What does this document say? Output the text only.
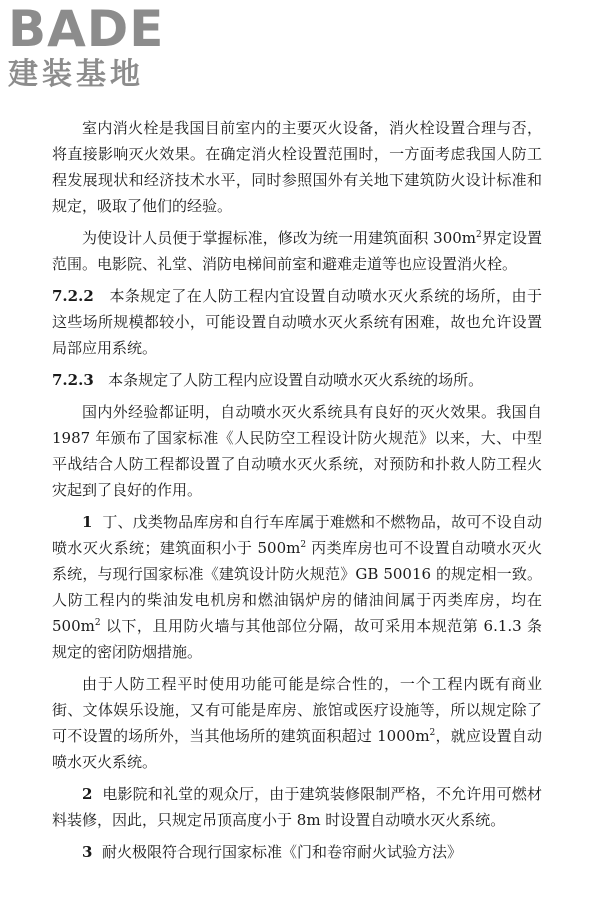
BADE
建装基地

室内消火栓是我国目前室内的主要灭火设备，消火栓设置合理与否，将直接影响灭火效果。在确定消火栓设置范围时，一方面考虑我国人防工程发展现状和经济技术水平，同时参照国外有关地下建筑防火设计标准和规定，吸取了他们的经验。

为使设计人员便于掌握标准，修改为统一用建筑面积 $300m^2$界定设置范围。电影院、礼堂、消防电梯间前室和避难走道等也应设置消火栓。

7.2.2 本条规定了在人防工程内宜设置自动喷水灭火系统的场所，由于这些场所规模都较小，可能设置自动喷水灭火系统有困难，故也允许设置局部应用系统。

7.2.3 本条规定了人防工程内应设置自动喷水灭火系统的场所。

国内外经验都证明，自动喷水灭火系统具有良好的灭火效果。我国自 1987 年颁布了国家标准《人民防空工程设计防火规范》以来，大、中型平战结合人防工程都设置了自动喷水灭火系统，对预防和扑救人防工程火灾起到了良好的作用。

1 丁、戊类物品库房和自行车库属于难燃和不燃物品，故可不设自动喷水灭火系统；建筑面积小于 $500m^2$ 丙类库房也可不设置自动喷水灭火系统，与现行国家标准《建筑设计防火规范》GB 50016 的规定相一致。人防工程内的柴油发电机房和燃油锅炉房的储油间属于丙类库房，均在 $500m^2$ 以下，且用防火墙与其他部位分隔，故可采用本规范第 6.1.3 条规定的密闭防烟措施。

由于人防工程平时使用功能可能是综合性的，一个工程内既有商业街、文体娱乐设施，又有可能是库房、旅馆或医疗设施等，所以规定除了可不设置的场所外，当其他场所的建筑面积超过 $1000m^2$，就应设置自动喷水灭火系统。

2 电影院和礼堂的观众厅，由于建筑装修限制严格，不允许用可燃材料装修，因此，只规定吊顶高度小于 8m 时设置自动喷水灭火系统。

3 耐火极限符合现行国家标准《门和卷帘耐火试验方法》
